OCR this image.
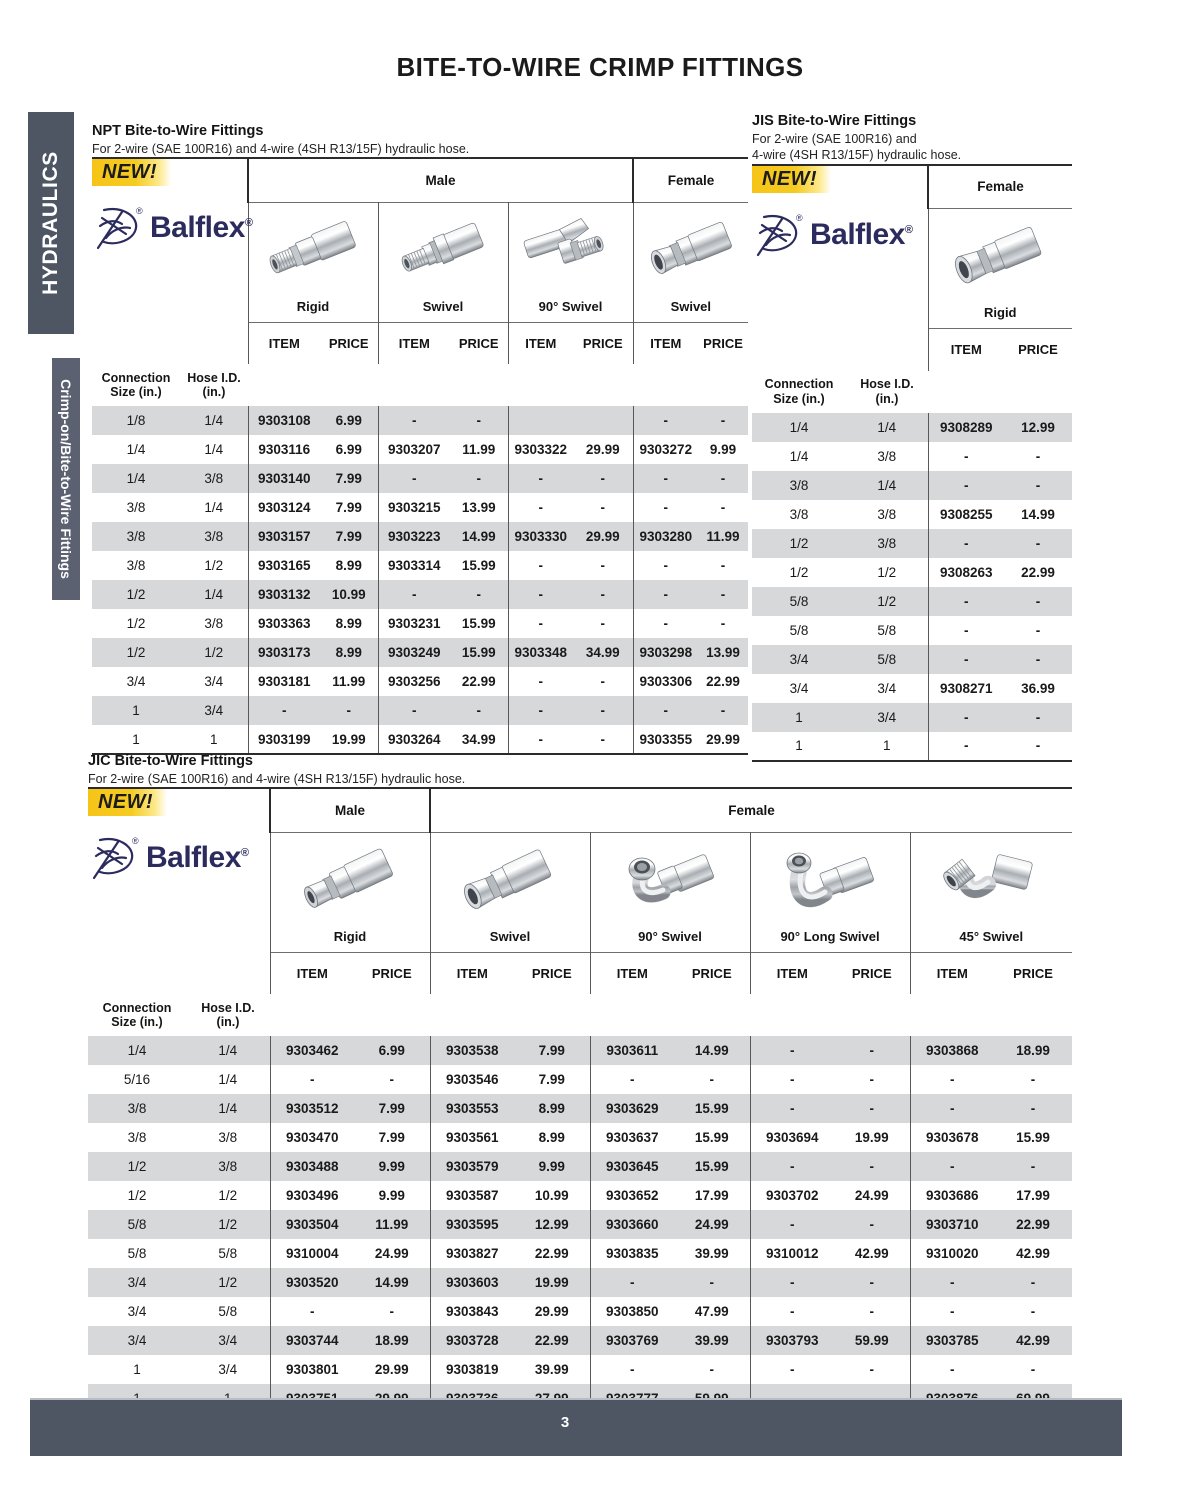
BITE-TO-WIRE CRIMP FITTINGS
HYDRAULICS
Crimp-on/Bite-to-Wire Fittings
NPT Bite-to-Wire Fittings
For 2-wire (SAE 100R16) and 4-wire (4SH R13/15F) hydraulic hose.
NEW!
® Balflex®		Male						Female	

		Rigid		Swivel		90° Swivel		Swivel	

		ITEM	PRICE	ITEM	PRICE	ITEM	PRICE	ITEM	PRICE
Connection
Size (in.)	Hose I.D.
(in.)								
1/8	1/4	9303108	6.99	-	-			-	-
1/4	1/4	9303116	6.99	9303207	11.99	9303322	29.99	9303272	9.99
1/4	3/8	9303140	7.99	-	-	-	-	-	-
3/8	1/4	9303124	7.99	9303215	13.99	-	-	-	-
3/8	3/8	9303157	7.99	9303223	14.99	9303330	29.99	9303280	11.99
3/8	1/2	9303165	8.99	9303314	15.99	-	-	-	-
1/2	1/4	9303132	10.99	-	-	-	-	-	-
1/2	3/8	9303363	8.99	9303231	15.99	-	-	-	-
1/2	1/2	9303173	8.99	9303249	15.99	9303348	34.99	9303298	13.99
3/4	3/4	9303181	11.99	9303256	22.99	-	-	9303306	22.99
1	3/4	-	-	-	-	-	-	-	-
1	1	9303199	19.99	9303264	34.99	-	-	9303355	29.99
JIS Bite-to-Wire Fittings
For 2-wire (SAE 100R16) and
4-wire (4SH R13/15F) hydraulic hose.
NEW!
® Balflex®		Female	

		Rigid	

		ITEM	PRICE
Connection
Size (in.)	Hose I.D.
(in.)		
1/4	1/4	9308289	12.99
1/4	3/8	-	-
3/8	1/4	-	-
3/8	3/8	9308255	14.99
1/2	3/8	-	-
1/2	1/2	9308263	22.99
5/8	1/2	-	-
5/8	5/8	-	-
3/4	5/8	-	-
3/4	3/4	9308271	36.99
1	3/4	-	-
1	1	-	-
JIC Bite-to-Wire Fittings
For 2-wire (SAE 100R16) and 4-wire (4SH R13/15F) hydraulic hose.
NEW!
® Balflex®		Male		Female							

		Rigid		Swivel		90° Swivel		90° Long Swivel		45° Swivel	

		ITEM	PRICE	ITEM	PRICE	ITEM	PRICE	ITEM	PRICE	ITEM	PRICE
Connection
Size (in.)	Hose I.D.
(in.)										
1/4	1/4	9303462	6.99	9303538	7.99	9303611	14.99	-	-	9303868	18.99
5/16	1/4	-	-	9303546	7.99	-	-	-	-	-	-
3/8	1/4	9303512	7.99	9303553	8.99	9303629	15.99	-	-	-	-
3/8	3/8	9303470	7.99	9303561	8.99	9303637	15.99	9303694	19.99	9303678	15.99
1/2	3/8	9303488	9.99	9303579	9.99	9303645	15.99	-	-	-	-
1/2	1/2	9303496	9.99	9303587	10.99	9303652	17.99	9303702	24.99	9303686	17.99
5/8	1/2	9303504	11.99	9303595	12.99	9303660	24.99	-	-	9303710	22.99
5/8	5/8	9310004	24.99	9303827	22.99	9303835	39.99	9310012	42.99	9310020	42.99
3/4	1/2	9303520	14.99	9303603	19.99	-	-	-	-	-	-
3/4	5/8	-	-	9303843	29.99	9303850	47.99	-	-	-	-
3/4	3/4	9303744	18.99	9303728	22.99	9303769	39.99	9303793	59.99	9303785	42.99
1	3/4	9303801	29.99	9303819	39.99	-	-	-	-	-	-

3
